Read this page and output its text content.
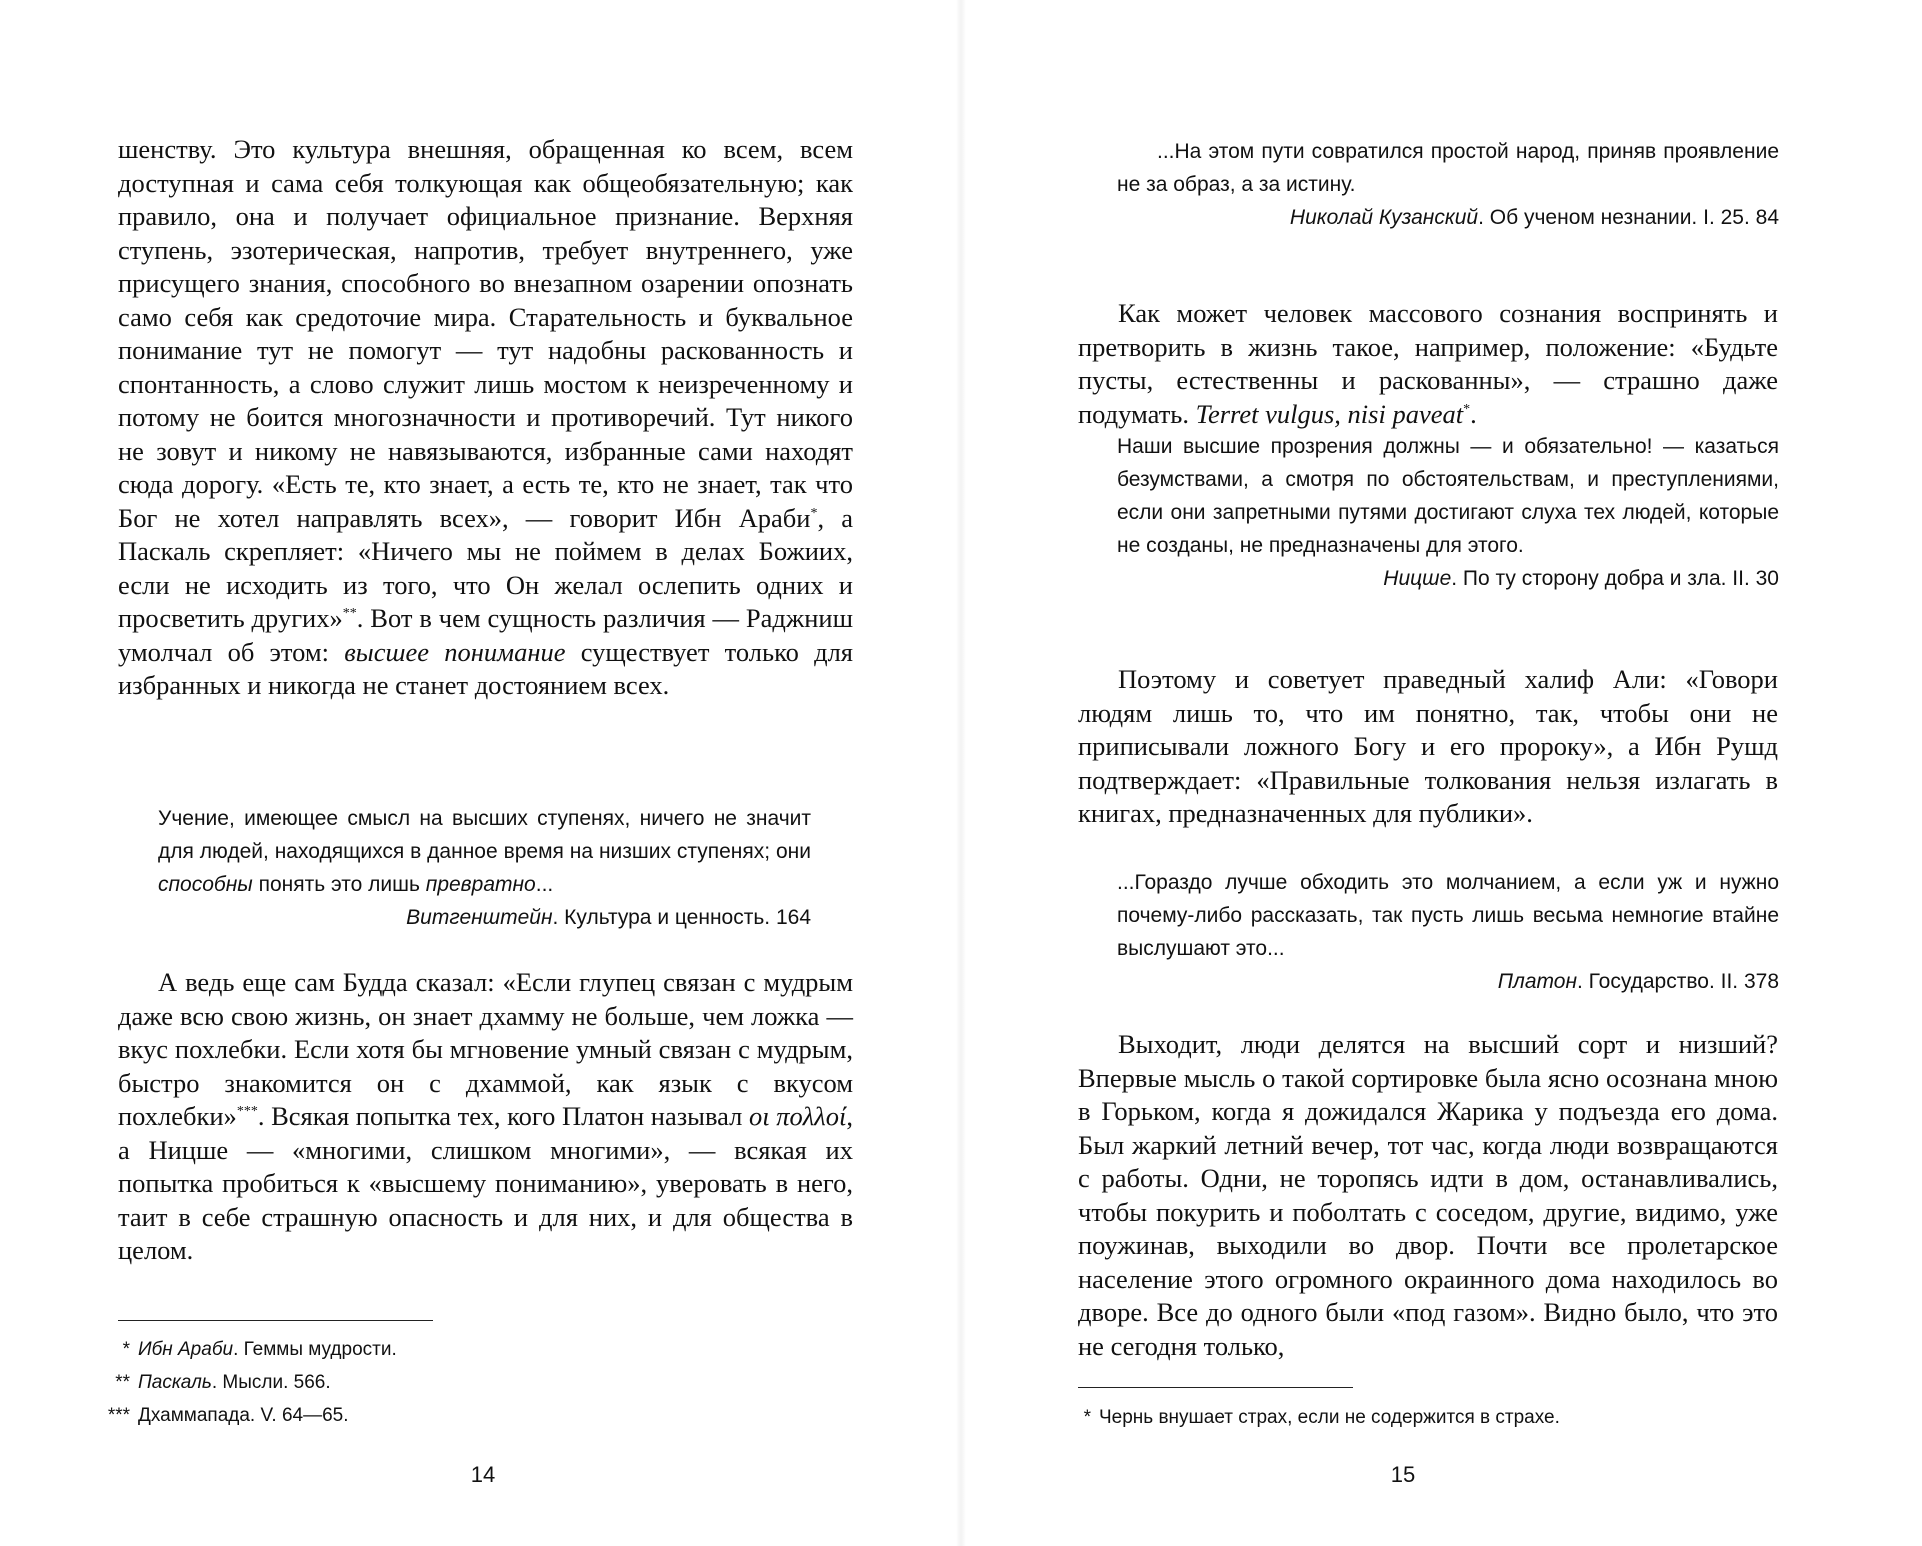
шенству. Это культура внешняя, обращенная ко всем, всем доступная и сама себя толкующая как общеобязательную; как правило, она и получает официальное признание. Верхняя ступень, эзотерическая, напротив, требует внутреннего, уже присущего знания, способного во внезапном озарении опознать само себя как средоточие мира. Старательность и буквальное понимание тут не помогут — тут надобны раскованность и спонтанность, а слово служит лишь мостом к неизреченному и потому не боится многозначности и противоречий. Тут никого не зовут и никому не навязываются, избранные сами находят сюда дорогу. «Есть те, кто знает, а есть те, кто не знает, так что Бог не хотел направлять всех», — говорит Ибн Араби*, а Паскаль скрепляет: «Ничего мы не поймем в делах Божиих, если не исходить из того, что Он желал ослепить одних и просветить других»**. Вот в чем сущность различия — Раджниш умолчал об этом: высшее понимание существует только для избранных и никогда не станет достоянием всех.

Учение, имеющее смысл на высших ступенях, ничего не значит для людей, находящихся в данное время на низших ступенях; они способны понять это лишь превратно...

Витгенштейн. Культура и ценность. 164

А ведь еще сам Будда сказал: «Если глупец связан с мудрым даже всю свою жизнь, он знает дхамму не больше, чем ложка — вкус похлебки. Если хотя бы мгновение умный связан с мудрым, быстро знакомится он с дхаммой, как язык с вкусом похлебки»***. Всякая попытка тех, кого Платон называл οι πολλοί, а Ницше — «многими, слишком многими», — всякая их попытка пробиться к «высшему пониманию», уверовать в него, таит в себе страшную опасность и для них, и для общества в целом.

* Ибн Араби. Геммы мудрости.

** Паскаль. Мысли. 566.

*** Дхаммапада. V. 64—65.

14

...На этом пути совратился простой народ, приняв проявление не за образ, а за истину.

Николай Кузанский. Об ученом незнании. I. 25. 84

Как может человек массового сознания воспринять и претворить в жизнь такое, например, положение: «Будьте пусты, естественны и раскованны», — страшно даже подумать. Terret vulgus, nisi paveat*.

Наши высшие прозрения должны — и обязательно! — казаться безумствами, а смотря по обстоятельствам, и преступлениями, если они запретными путями достигают слуха тех людей, которые не созданы, не предназначены для этого.

Ницше. По ту сторону добра и зла. II. 30

Поэтому и советует праведный халиф Али: «Говори людям лишь то, что им понятно, так, чтобы они не приписывали ложного Богу и его пророку», а Ибн Рушд подтверждает: «Правильные толкования нельзя излагать в книгах, предназначенных для публики».

...Гораздо лучше обходить это молчанием, а если уж и нужно почему-либо рассказать, так пусть лишь весьма немногие втайне выслушают это...

Платон. Государство. II. 378

Выходит, люди делятся на высший сорт и низший? Впервые мысль о такой сортировке была ясно осознана мною в Горьком, когда я дожидался Жарика у подъезда его дома. Был жаркий летний вечер, тот час, когда люди возвращаются с работы. Одни, не торопясь идти в дом, останавливались, чтобы покурить и поболтать с соседом, другие, видимо, уже поужинав, выходили во двор. Почти все пролетарское население этого огромного окраинного дома находилось во дворе. Все до одного были «под газом». Видно было, что это не сегодня только,

* Чернь внушает страх, если не содержится в страхе.

15
